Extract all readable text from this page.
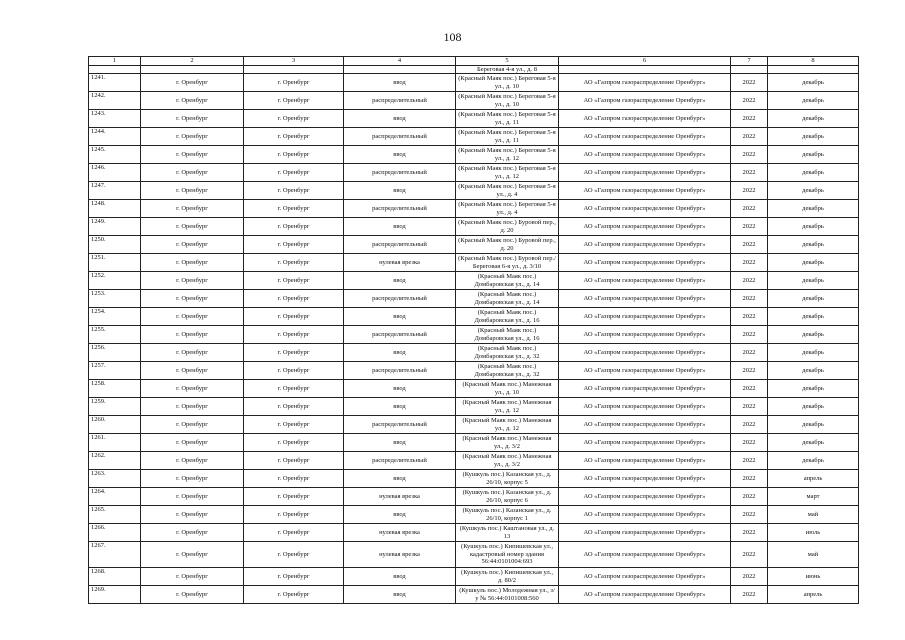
108
1	2	3	4	5	6	7	8
				Береговая 4-я ул., д. 8			
1241.	г. Оренбург	г. Оренбург	ввод	(Красный Маяк пос.) Береговая 5-я ул., д. 10	АО «Газпром газораспределение Оренбург»	2022	декабрь
1242.	г. Оренбург	г. Оренбург	распределительный	(Красный Маяк пос.) Береговая 5-я ул., д. 10	АО «Газпром газораспределение Оренбург»	2022	декабрь
1243.	г. Оренбург	г. Оренбург	ввод	(Красный Маяк пос.) Береговая 5-я ул., д. 11	АО «Газпром газораспределение Оренбург»	2022	декабрь
1244.	г. Оренбург	г. Оренбург	распределительный	(Красный Маяк пос.) Береговая 5-я ул., д. 11	АО «Газпром газораспределение Оренбург»	2022	декабрь
1245.	г. Оренбург	г. Оренбург	ввод	(Красный Маяк пос.) Береговая 5-я ул., д. 12	АО «Газпром газораспределение Оренбург»	2022	декабрь
1246.	г. Оренбург	г. Оренбург	распределительный	(Красный Маяк пос.) Береговая 5-я ул., д. 12	АО «Газпром газораспределение Оренбург»	2022	декабрь
1247.	г. Оренбург	г. Оренбург	ввод	(Красный Маяк пос.) Береговая 5-я ул., д. 4	АО «Газпром газораспределение Оренбург»	2022	декабрь
1248.	г. Оренбург	г. Оренбург	распределительный	(Красный Маяк пос.) Береговая 5-я ул., д. 4	АО «Газпром газораспределение Оренбург»	2022	декабрь
1249.	г. Оренбург	г. Оренбург	ввод	(Красный Маяк пос.) Буровой пер., д. 20	АО «Газпром газораспределение Оренбург»	2022	декабрь
1250.	г. Оренбург	г. Оренбург	распределительный	(Красный Маяк пос.) Буровой пер., д. 20	АО «Газпром газораспределение Оренбург»	2022	декабрь
1251.	г. Оренбург	г. Оренбург	нулевая врезка	(Красный Маяк пос.) Буровой пер./Береговая 6-я ул., д. 3/10	АО «Газпром газораспределение Оренбург»	2022	декабрь
1252.	г. Оренбург	г. Оренбург	ввод	(Красный Маяк пос.) Домбаровская ул., д. 14	АО «Газпром газораспределение Оренбург»	2022	декабрь
1253.	г. Оренбург	г. Оренбург	распределительный	(Красный Маяк пос.) Домбаровская ул., д. 14	АО «Газпром газораспределение Оренбург»	2022	декабрь
1254.	г. Оренбург	г. Оренбург	ввод	(Красный Маяк пос.) Домбаровская ул., д. 16	АО «Газпром газораспределение Оренбург»	2022	декабрь
1255.	г. Оренбург	г. Оренбург	распределительный	(Красный Маяк пос.) Домбаровская ул., д. 16	АО «Газпром газораспределение Оренбург»	2022	декабрь
1256.	г. Оренбург	г. Оренбург	ввод	(Красный Маяк пос.) Домбаровская ул., д. 32	АО «Газпром газораспределение Оренбург»	2022	декабрь
1257.	г. Оренбург	г. Оренбург	распределительный	(Красный Маяк пос.) Домбаровская ул., д. 32	АО «Газпром газораспределение Оренбург»	2022	декабрь
1258.	г. Оренбург	г. Оренбург	ввод	(Красный Маяк пос.) Манежная ул., д. 10	АО «Газпром газораспределение Оренбург»	2022	декабрь
1259.	г. Оренбург	г. Оренбург	ввод	(Красный Маяк пос.) Манежная ул., д. 12	АО «Газпром газораспределение Оренбург»	2022	декабрь
1260.	г. Оренбург	г. Оренбург	распределительный	(Красный Маяк пос.) Манежная ул., д. 12	АО «Газпром газораспределение Оренбург»	2022	декабрь
1261.	г. Оренбург	г. Оренбург	ввод	(Красный Маяк пос.) Манежная ул., д. 3/2	АО «Газпром газораспределение Оренбург»	2022	декабрь
1262.	г. Оренбург	г. Оренбург	распределительный	(Красный Маяк пос.) Манежная ул., д. 3/2	АО «Газпром газораспределение Оренбург»	2022	декабрь
1263.	г. Оренбург	г. Оренбург	ввод	(Кушкуль пос.) Казанская ул., д. 26/10, корпус 5	АО «Газпром газораспределение Оренбург»	2022	апрель
1264.	г. Оренбург	г. Оренбург	нулевая врезка	(Кушкуль пос.) Казанская ул., д. 26/10, корпус 6	АО «Газпром газораспределение Оренбург»	2022	март
1265.	г. Оренбург	г. Оренбург	ввод	(Кушкуль пос.) Казанская ул., д. 26/10, корпус 1	АО «Газпром газораспределение Оренбург»	2022	май
1266.	г. Оренбург	г. Оренбург	нулевая врезка	(Кушкуль пос.) Каштановая ул., д. 13	АО «Газпром газораспределение Оренбург»	2022	июль
1267.	г. Оренбург	г. Оренбург	нулевая врезка	(Кушкуль пос.) Кипишевская ул., кадастровый номер здания 56:44:0101004:693	АО «Газпром газораспределение Оренбург»	2022	май
1268.	г. Оренбург	г. Оренбург	ввод	(Кушкуль пос.) Кипишевская ул., д. 80/2	АО «Газпром газораспределение Оренбург»	2022	июнь
1269.	г. Оренбург	г. Оренбург	ввод	(Кушкуль пос.) Молодежная ул., з/у № 56:44:0101008:560	АО «Газпром газораспределение Оренбург»	2022	апрель
